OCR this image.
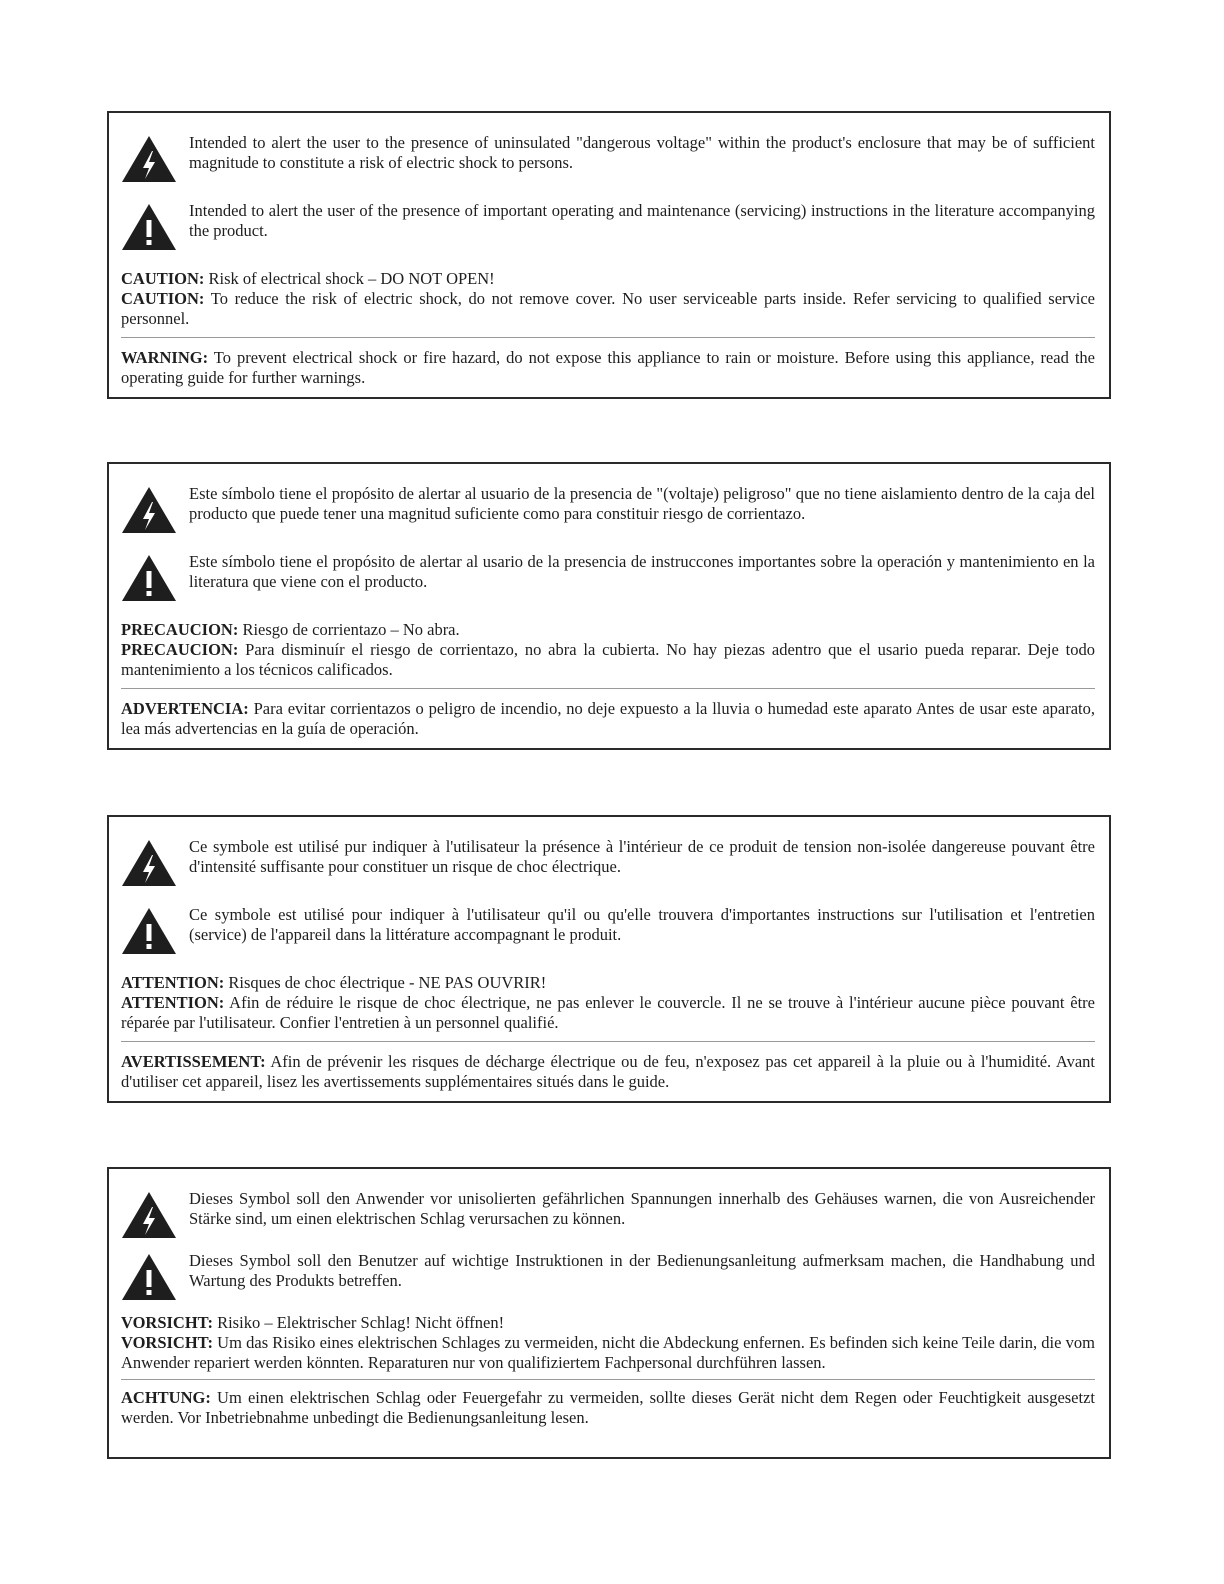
Intended to alert the user to the presence of uninsulated "dangerous voltage" within the product's enclosure that may be of sufficient magnitude to constitute a risk of electric shock to persons.
Intended to alert the user of the presence of important operating and maintenance (servicing) instructions in the literature accompanying the product.
CAUTION: Risk of electrical shock – DO NOT OPEN!
CAUTION: To reduce the risk of electric shock, do not remove cover. No user serviceable parts inside. Refer servicing to qualified service personnel.
WARNING: To prevent electrical shock or fire hazard, do not expose this appliance to rain or moisture. Before using this appliance, read the operating guide for further warnings.
Este símbolo tiene el propósito de alertar al usuario de la presencia de "(voltaje) peligroso" que no tiene aislamiento dentro de la caja del producto que puede tener una magnitud suficiente como para constituir riesgo de corrientazo.
Este símbolo tiene el propósito de alertar al usario de la presencia de instruccones importantes sobre la operación y mantenimiento en la literatura que viene con el producto.
PRECAUCION: Riesgo de corrientazo – No abra.
PRECAUCION: Para disminuír el riesgo de corrientazo, no abra la cubierta. No hay piezas adentro que el usario pueda reparar. Deje todo mantenimiento a los técnicos calificados.
ADVERTENCIA: Para evitar corrientazos o peligro de incendio, no deje expuesto a la lluvia o humedad este aparato Antes de usar este aparato, lea más advertencias en la guía de operación.
Ce symbole est utilisé pur indiquer à l'utilisateur la présence à l'intérieur de ce produit de tension non-isolée dangereuse pouvant être d'intensité suffisante pour constituer un risque de choc électrique.
Ce symbole est utilisé pour indiquer à l'utilisateur qu'il ou qu'elle trouvera d'importantes instructions sur l'utilisation et l'entretien (service) de l'appareil dans la littérature accompagnant le produit.
ATTENTION: Risques de choc électrique - NE PAS OUVRIR!
ATTENTION: Afin de réduire le risque de choc électrique, ne pas enlever le couvercle. Il ne se trouve à l'intérieur aucune pièce pouvant être réparée par l'utilisateur. Confier l'entretien à un personnel qualifié.
AVERTISSEMENT: Afin de prévenir les risques de décharge électrique ou de feu, n'exposez pas cet appareil à la pluie ou à l'humidité. Avant d'utiliser cet appareil, lisez les avertissements supplémentaires situés dans le guide.
Dieses Symbol soll den Anwender vor unisolierten gefährlichen Spannungen innerhalb des Gehäuses warnen, die von Ausreichender Stärke sind, um einen elektrischen Schlag verursachen zu können.
Dieses Symbol soll den Benutzer auf wichtige Instruktionen in der Bedienungsanleitung aufmerksam machen, die Handhabung und Wartung des Produkts betreffen.
VORSICHT: Risiko – Elektrischer Schlag! Nicht öffnen!
VORSICHT: Um das Risiko eines elektrischen Schlages zu vermeiden, nicht die Abdeckung enfernen. Es befinden sich keine Teile darin, die vom Anwender repariert werden könnten. Reparaturen nur von qualifiziertem Fachpersonal durchführen lassen.
ACHTUNG: Um einen elektrischen Schlag oder Feuergefahr zu vermeiden, sollte dieses Gerät nicht dem Regen oder Feuchtigkeit ausgesetzt werden. Vor Inbetriebnahme unbedingt die Bedienungsanleitung lesen.
